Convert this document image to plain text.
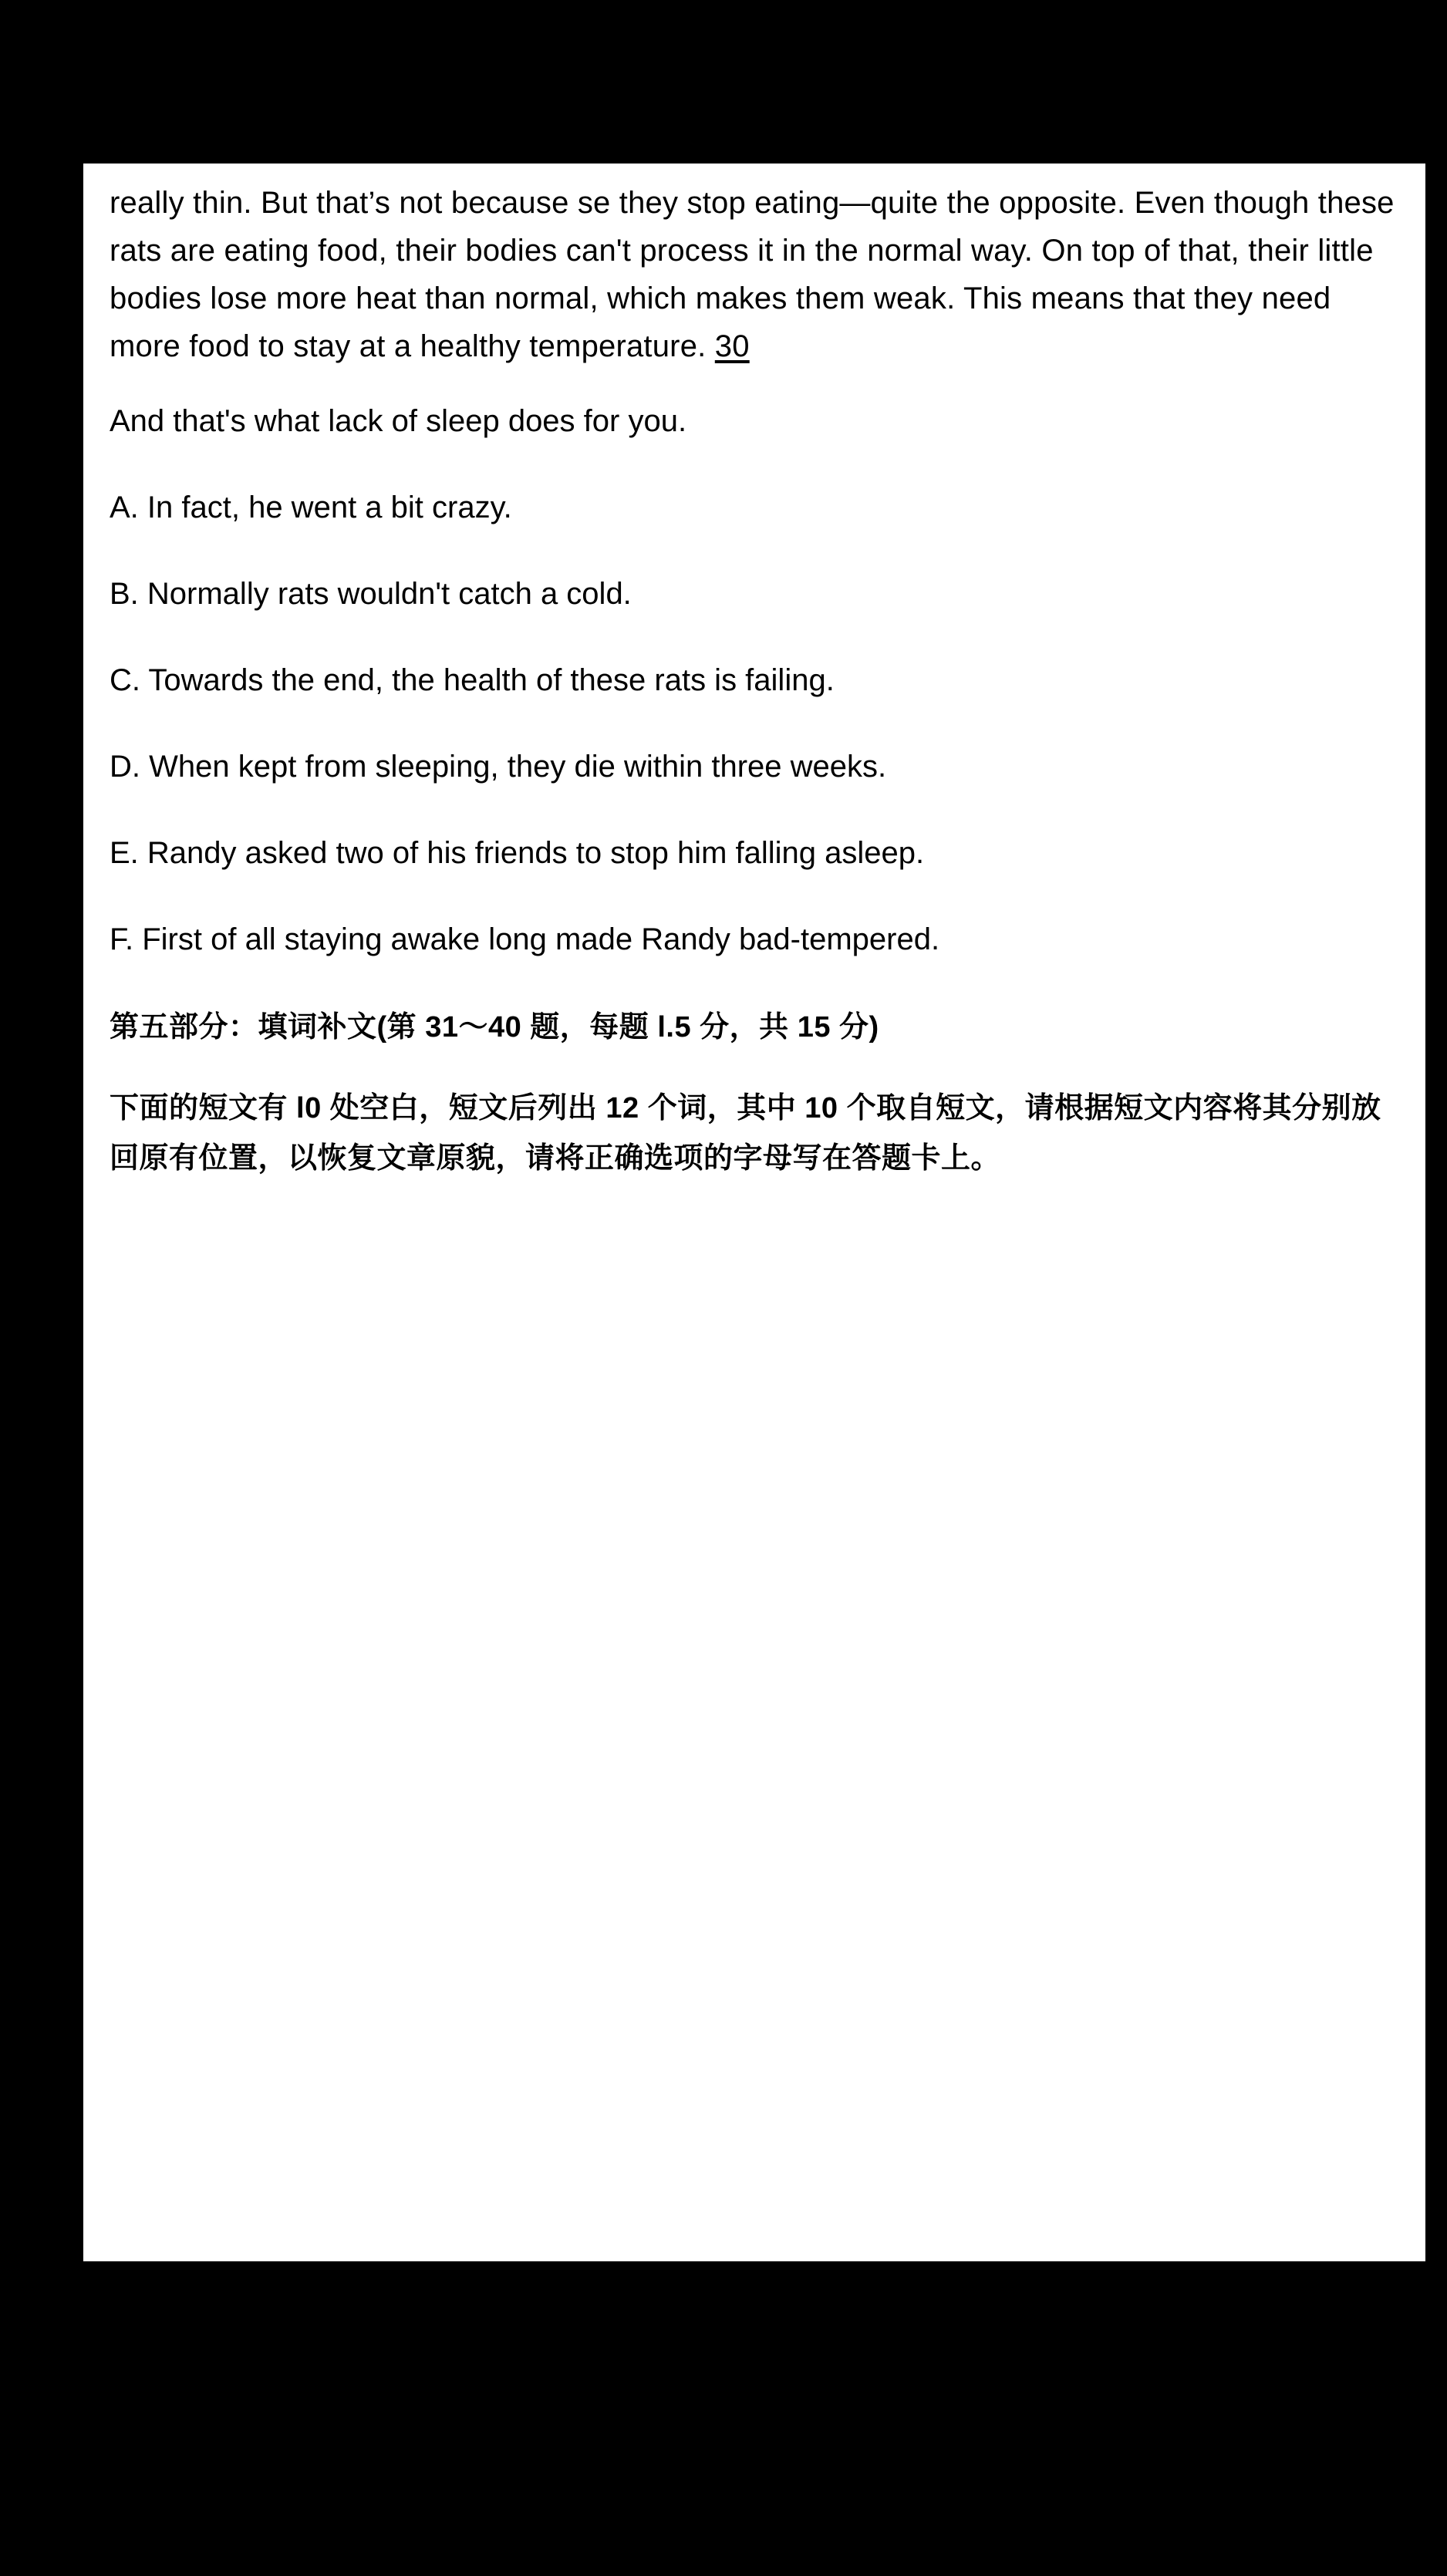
really thin. But that’s not because se they stop eating—quite the opposite. Even though these rats are eating food, their bodies can't process it in the normal way. On top of that, their little bodies lose more heat than normal, which makes them weak. This means that they need more food to stay at a healthy temperature. 30

And that's what lack of sleep does for you.

A. In fact, he went a bit crazy.

B. Normally rats wouldn't catch a cold.

C. Towards the end, the health of these rats is failing.

D. When kept from sleeping, they die within three weeks.

E. Randy asked two of his friends to stop him falling asleep.

F. First of all staying awake long made Randy bad-tempered.

第五部分：填词补文(第 31～40 题，每题 l.5 分，共 15 分)

下面的短文有 l0 处空白，短文后列出 12 个词，其中 10 个取自短文，请根据短文内容将其分别放回原有位置，以恢复文章原貌，请将正确选项的字母写在答题卡上。
